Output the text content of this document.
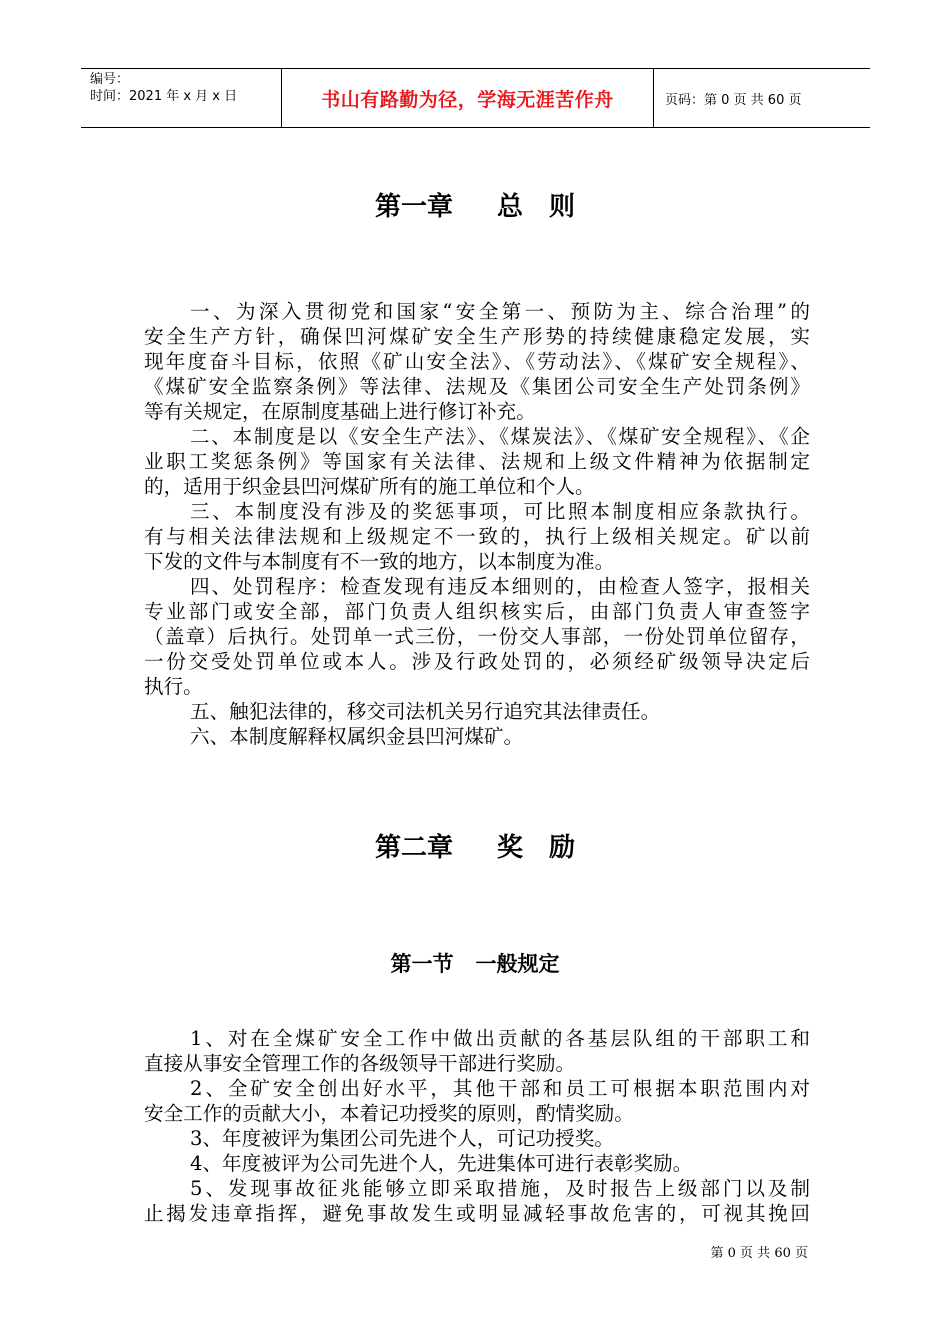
编号：
时间：2021 年 x 月 x 日	书山有路勤为径，学海无涯苦作舟	页码：第 0 页 共 60 页
第一章 总　则
一、为深入贯彻党和国家“安全第一、预防为主、综合治理”的
安全生产方针，确保凹河煤矿安全生产形势的持续健康稳定发展，实
现年度奋斗目标，依照《矿山安全法》、《劳动法》、《煤矿安全规程》、
《煤矿安全监察条例》等法律、法规及《集团公司安全生产处罚条例》
等有关规定，在原制度基础上进行修订补充。
二、本制度是以《安全生产法》、《煤炭法》、《煤矿安全规程》、《企
业职工奖惩条例》等国家有关法律、法规和上级文件精神为依据制定
的，适用于织金县凹河煤矿所有的施工单位和个人。
三、本制度没有涉及的奖惩事项，可比照本制度相应条款执行。
有与相关法律法规和上级规定不一致的，执行上级相关规定。矿以前
下发的文件与本制度有不一致的地方，以本制度为准。
四、处罚程序：检查发现有违反本细则的，由检查人签字，报相关
专业部门或安全部，部门负责人组织核实后，由部门负责人审查签字
（盖章）后执行。处罚单一式三份，一份交人事部，一份处罚单位留存，
一份交受处罚单位或本人。涉及行政处罚的，必须经矿级领导决定后
执行。
五、触犯法律的，移交司法机关另行追究其法律责任。
六、本制度解释权属织金县凹河煤矿。
第二章 奖　励
第一节 一般规定
1、对在全煤矿安全工作中做出贡献的各基层队组的干部职工和
直接从事安全管理工作的各级领导干部进行奖励。
2、全矿安全创出好水平，其他干部和员工可根据本职范围内对
安全工作的贡献大小，本着记功授奖的原则，酌情奖励。
3、年度被评为集团公司先进个人，可记功授奖。
4、年度被评为公司先进个人，先进集体可进行表彰奖励。
5、发现事故征兆能够立即采取措施，及时报告上级部门以及制
止揭发违章指挥，避免事故发生或明显减轻事故危害的，可视其挽回
第 0 页 共 60 页
